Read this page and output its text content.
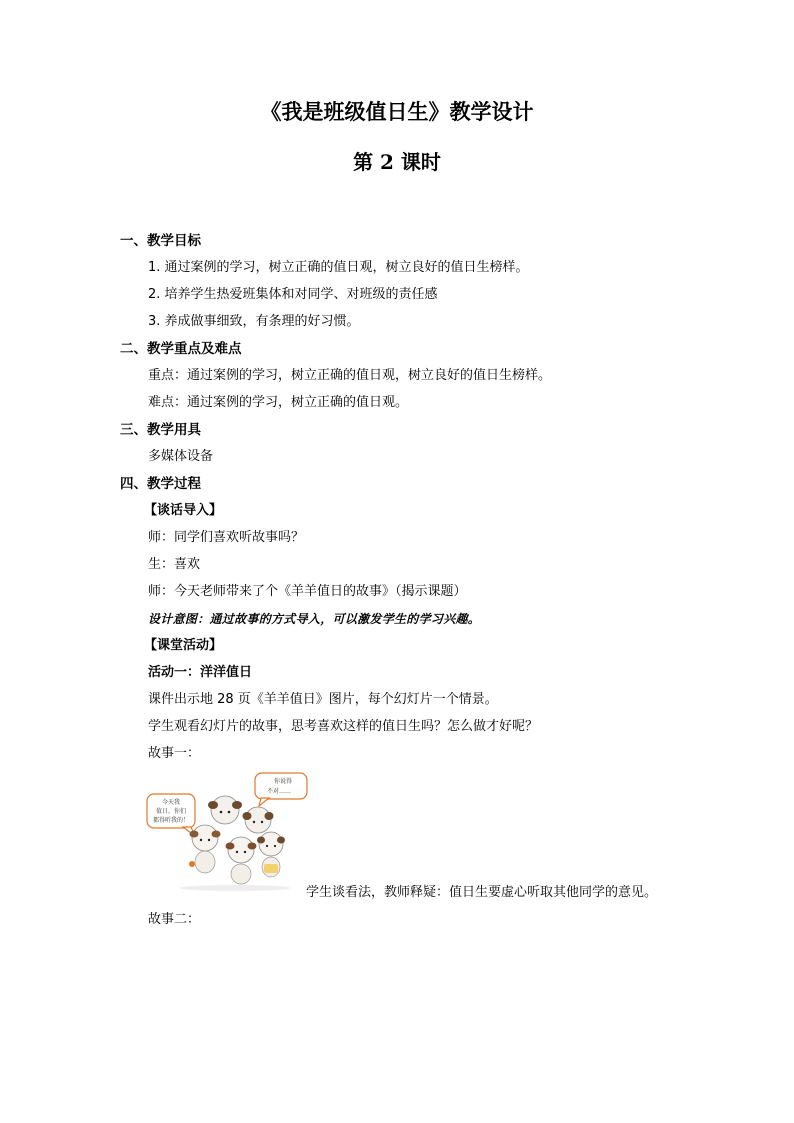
《我是班级值日生》教学设计
第 2 课时
一、教学目标
1. 通过案例的学习，树立正确的值日观，树立良好的值日生榜样。
2. 培养学生热爱班集体和对同学、对班级的责任感
3. 养成做事细致，有条理的好习惯。
二、教学重点及难点
重点：通过案例的学习，树立正确的值日观，树立良好的值日生榜样。
难点：通过案例的学习，树立正确的值日观。
三、教学用具
多媒体设备
四、教学过程
【谈话导入】
师：同学们喜欢听故事吗？
生：喜欢
师：今天老师带来了个《羊羊值日的故事》（揭示课题）
设计意图：通过故事的方式导入，可以激发学生的学习兴趣。
【课堂活动】
活动一：洋洋值日
课件出示地 28 页《羊羊值日》图片，每个幻灯片一个情景。
学生观看幻灯片的故事，思考喜欢这样的值日生吗？怎么做才好呢？
故事一：
今天我
值日，你们
都得听我的！
你说得
不对……
学生谈看法，教师释疑：值日生要虚心听取其他同学的意见。
故事二：
